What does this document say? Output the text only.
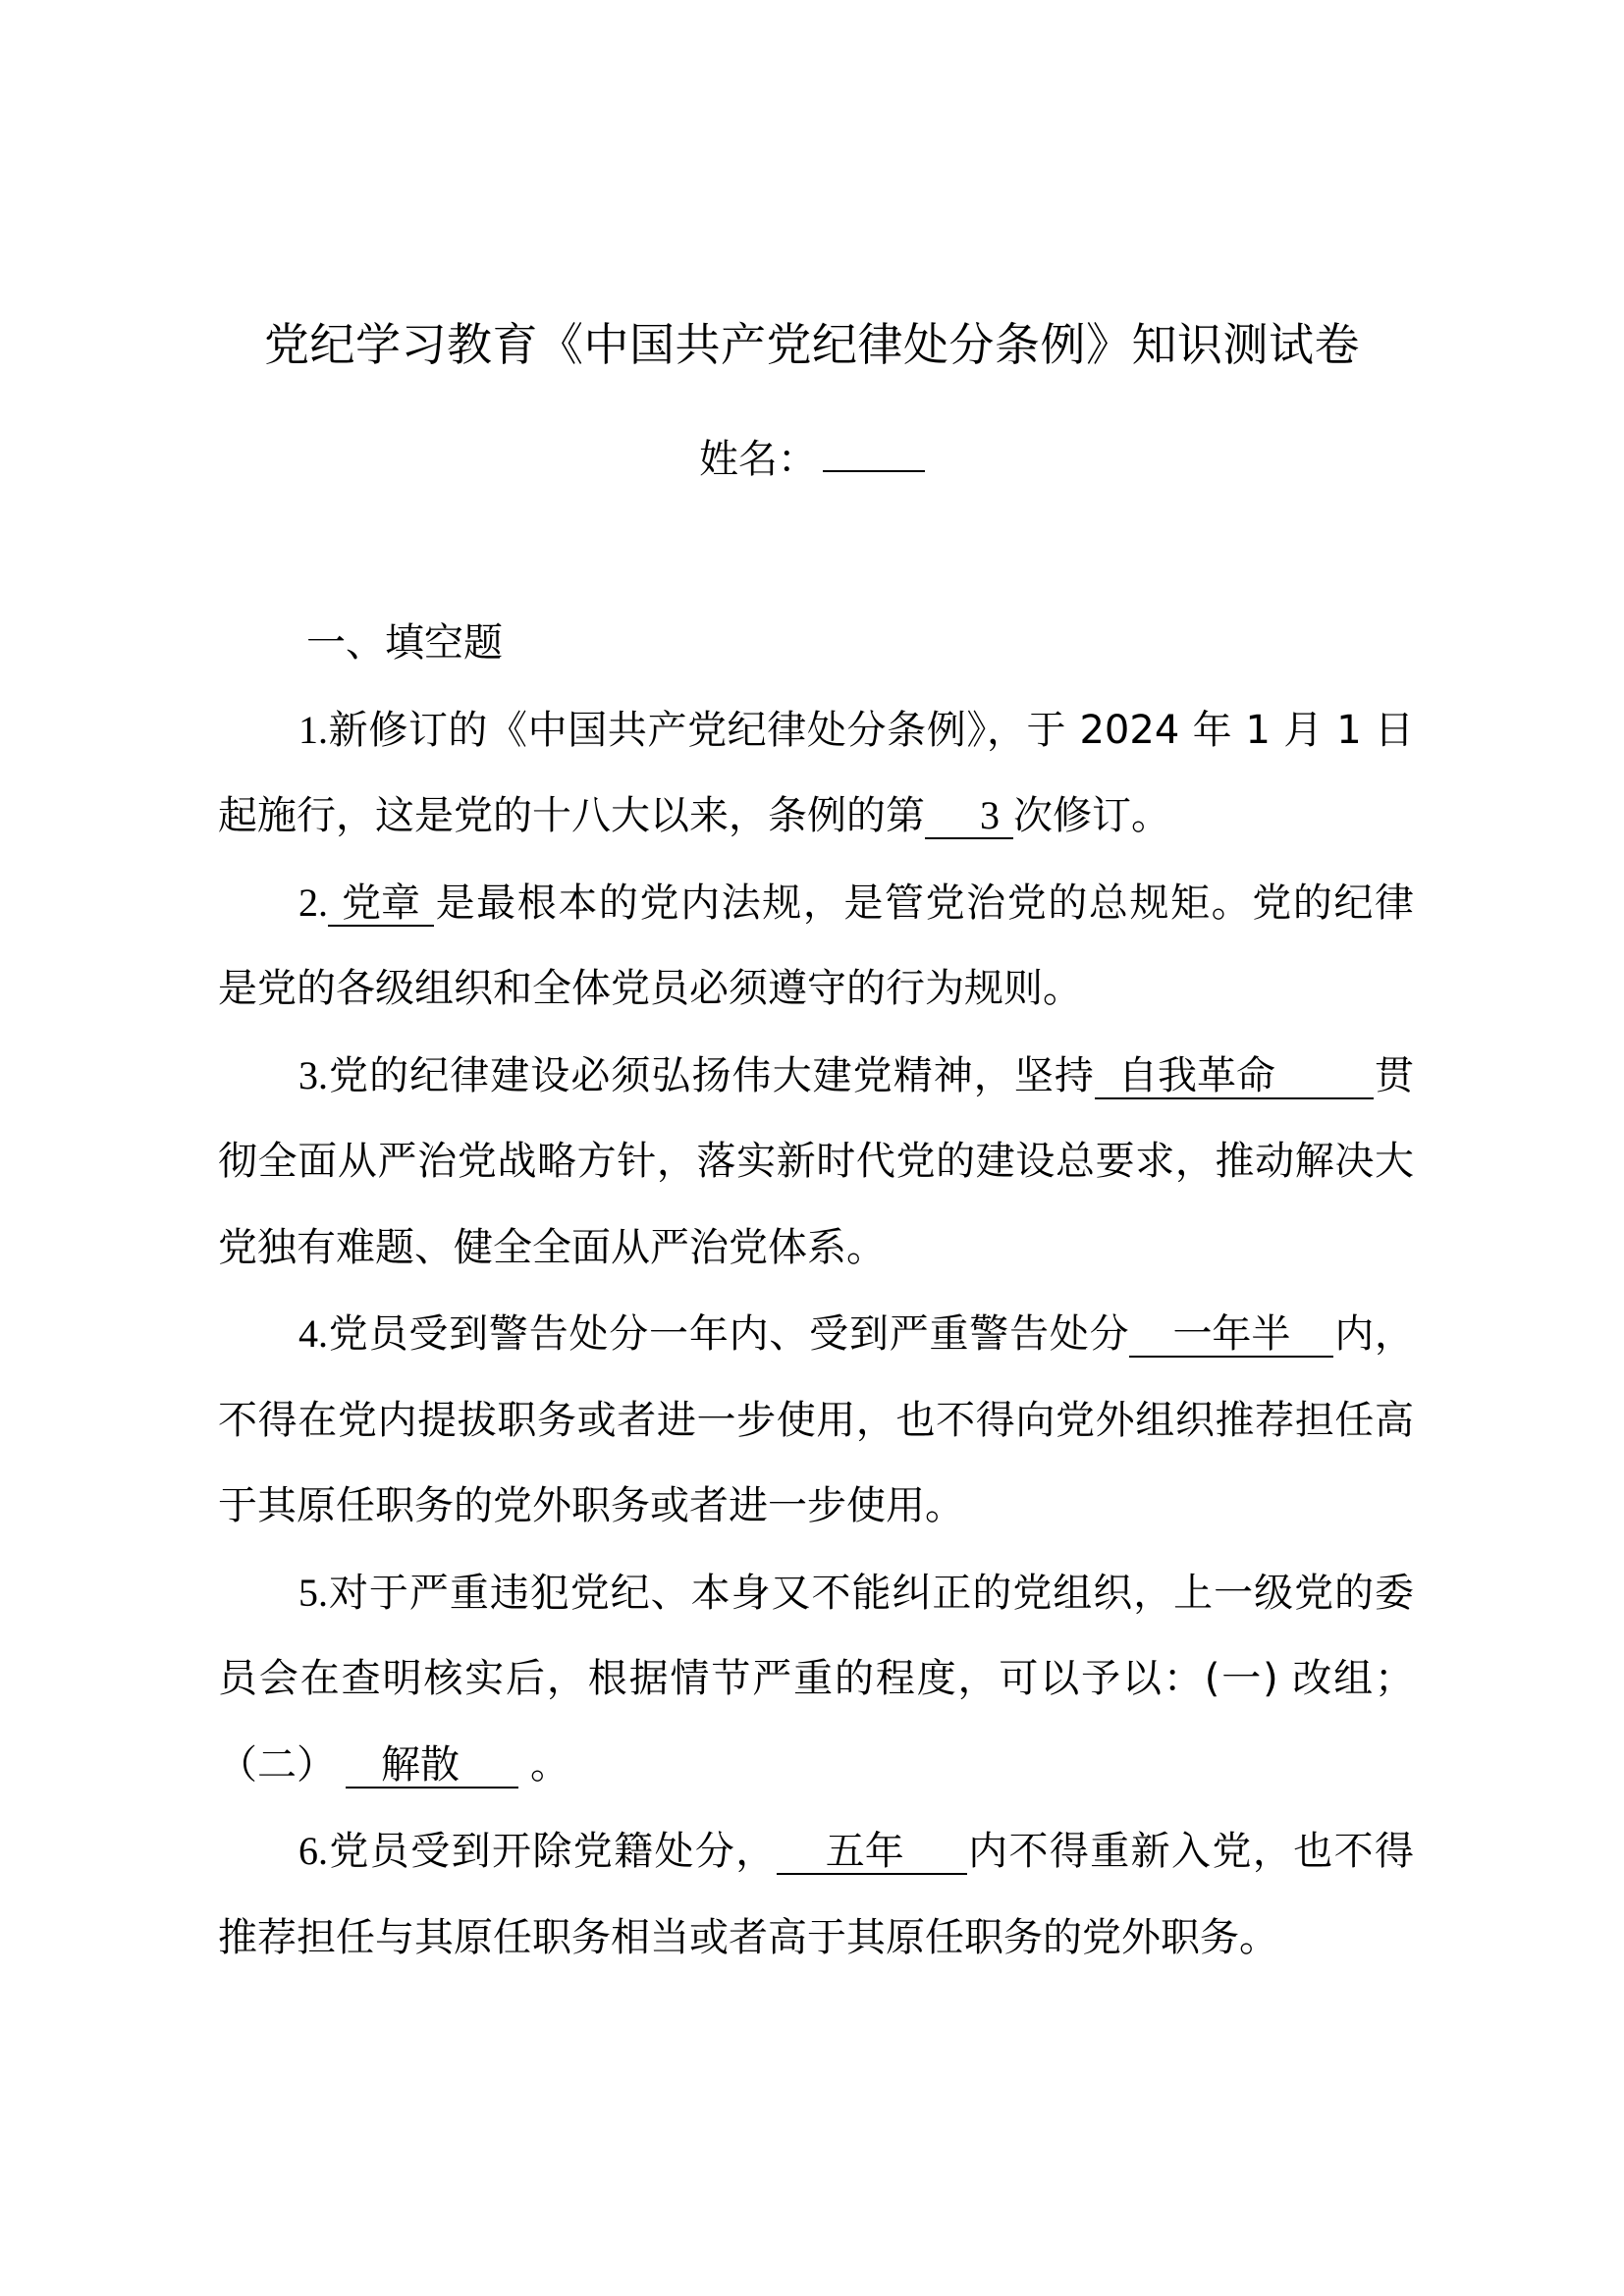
党纪学习教育《中国共产党纪律处分条例》知识测试卷
姓名：
一、填空题
1.新修订的《中国共产党纪律处分条例》，于 2024 年 1 月 1 日起施行，这是党的十八大以来，条例的第 3 次修订。
2. 党章 是最根本的党内法规，是管党治党的总规矩。党的纪律是党的各级组织和全体党员必须遵守的行为规则。
3.党的纪律建设必须弘扬伟大建党精神，坚持 自我革命	贯彻全面从严治党战略方针，落实新时代党的建设总要求，推动解决大党独有难题、健全全面从严治党体系。
4.党员受到警告处分一年内、受到严重警告处分 一年半 内，不得在党内提拔职务或者进一步使用，也不得向党外组织推荐担任高于其原任职务的党外职务或者进一步使用。
5.对于严重违犯党纪、本身又不能纠正的党组织，上一级党的委员会在查明核实后，根据情节严重的程度，可以予以：(一) 改组；（二） 解散 。
6.党员受到开除党籍处分， 五年 内不得重新入党，也不得推荐担任与其原任职务相当或者高于其原任职务的党外职务。
